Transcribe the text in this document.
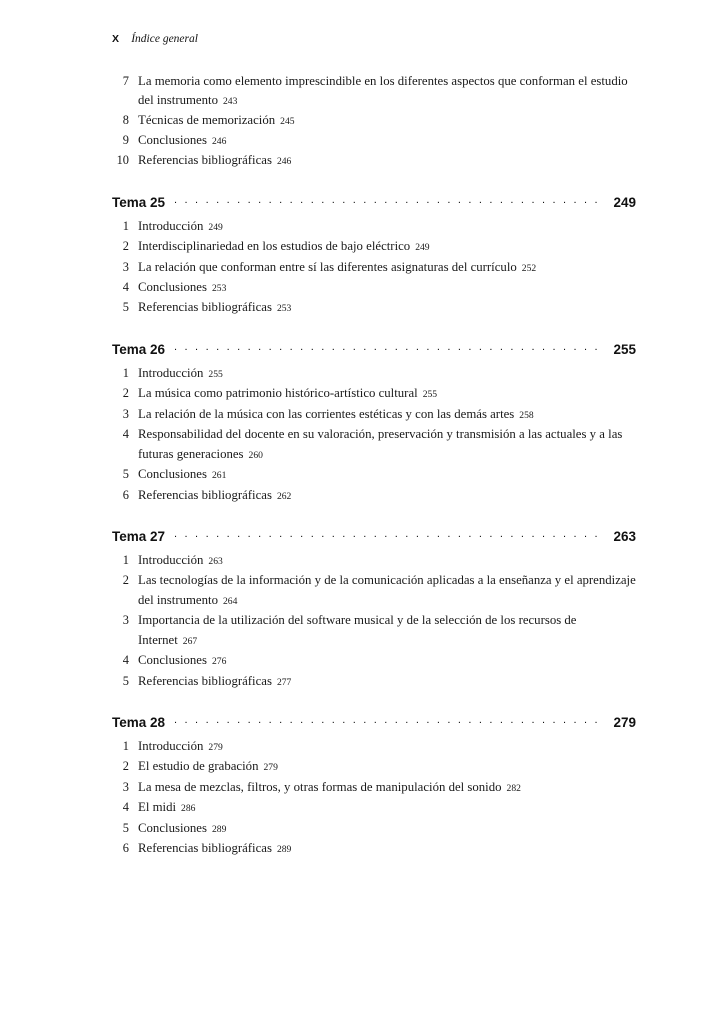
X Índice general
7 La memoria como elemento imprescindible en los diferentes aspectos que conforman el estudio del instrumento 243
8 Técnicas de memorización 245
9 Conclusiones 246
10 Referencias bibliográficas 246
Tema 25 . . .	249
1 Introducción 249
2 Interdisciplinariedad en los estudios de bajo eléctrico 249
3 La relación que conforman entre sí las diferentes asignaturas del currículo 252
4 Conclusiones 253
5 Referencias bibliográficas 253
Tema 26 . . .	255
1 Introducción 255
2 La música como patrimonio histórico-artístico cultural 255
3 La relación de la música con las corrientes estéticas y con las demás artes 258
4 Responsabilidad del docente en su valoración, preservación y transmisión a las actuales y a las futuras generaciones 260
5 Conclusiones 261
6 Referencias bibliográficas 262
Tema 27 . . .	263
1 Introducción 263
2 Las tecnologías de la información y de la comunicación aplicadas a la enseñanza y el aprendizaje del instrumento 264
3 Importancia de la utilización del software musical y de la selección de los recursos de Internet 267
4 Conclusiones 276
5 Referencias bibliográficas 277
Tema 28 . . .	279
1 Introducción 279
2 El estudio de grabación 279
3 La mesa de mezclas, filtros, y otras formas de manipulación del sonido 282
4 El midi 286
5 Conclusiones 289
6 Referencias bibliográficas 289
